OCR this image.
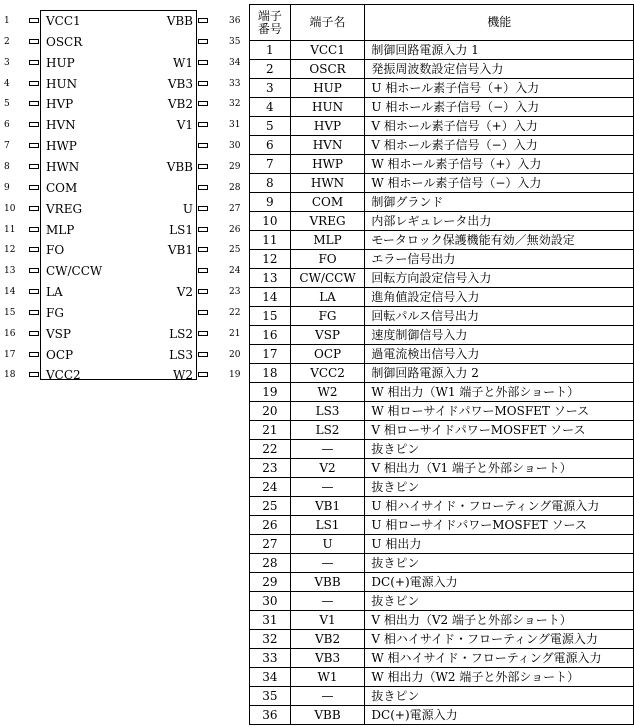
1	VCC1
2	OSCR
3	HUP
4	HUN
5	HVP
6	HVN
7	HWP
8	HWN
9	COM
10	VREG
11	MLP
12	FO
13	CW/CCW
14	LA
15	FG
16	VSP
17	OCP
18	VCC2
VBB	36
35
W1	34
VB3	33
VB2	32
V1	31
30
VBB	29
28
U	27
LS1	26
VB1	25
24
V2	23
22
LS2	21
LS3	20
W2	19
端子
番号	端子名	機能
1	VCC1	制御回路電源入力 1
2	OSCR	発振周波数設定信号入力
3	HUP	U 相ホール素子信号（+）入力
4	HUN	U 相ホール素子信号（−）入力
5	HVP	V 相ホール素子信号（+）入力
6	HVN	V 相ホール素子信号（−）入力
7	HWP	W 相ホール素子信号（+）入力
8	HWN	W 相ホール素子信号（−）入力
9	COM	制御グランド
10	VREG	内部レギュレータ出力
11	MLP	モータロック保護機能有効／無効設定
12	FO	エラー信号出力
13	CW/CCW	回転方向設定信号入力
14	LA	進角値設定信号入力
15	FG	回転パルス信号出力
16	VSP	速度制御信号入力
17	OCP	過電流検出信号入力
18	VCC2	制御回路電源入力 2
19	W2	W 相出力（W1 端子と外部ショート）
20	LS3	W 相ローサイドパワーMOSFET ソース
21	LS2	V 相ローサイドパワーMOSFET ソース
22	—	抜きピン
23	V2	V 相出力（V1 端子と外部ショート）
24	—	抜きピン
25	VB1	U 相ハイサイド・フローティング電源入力
26	LS1	U 相ローサイドパワーMOSFET ソース
27	U	U 相出力
28	—	抜きピン
29	VBB	DC(+)電源入力
30	—	抜きピン
31	V1	V 相出力（V2 端子と外部ショート）
32	VB2	V 相ハイサイド・フローティング電源入力
33	VB3	W 相ハイサイド・フローティング電源入力
34	W1	W 相出力（W2 端子と外部ショート）
35	—	抜きピン
36	VBB	DC(+)電源入力
